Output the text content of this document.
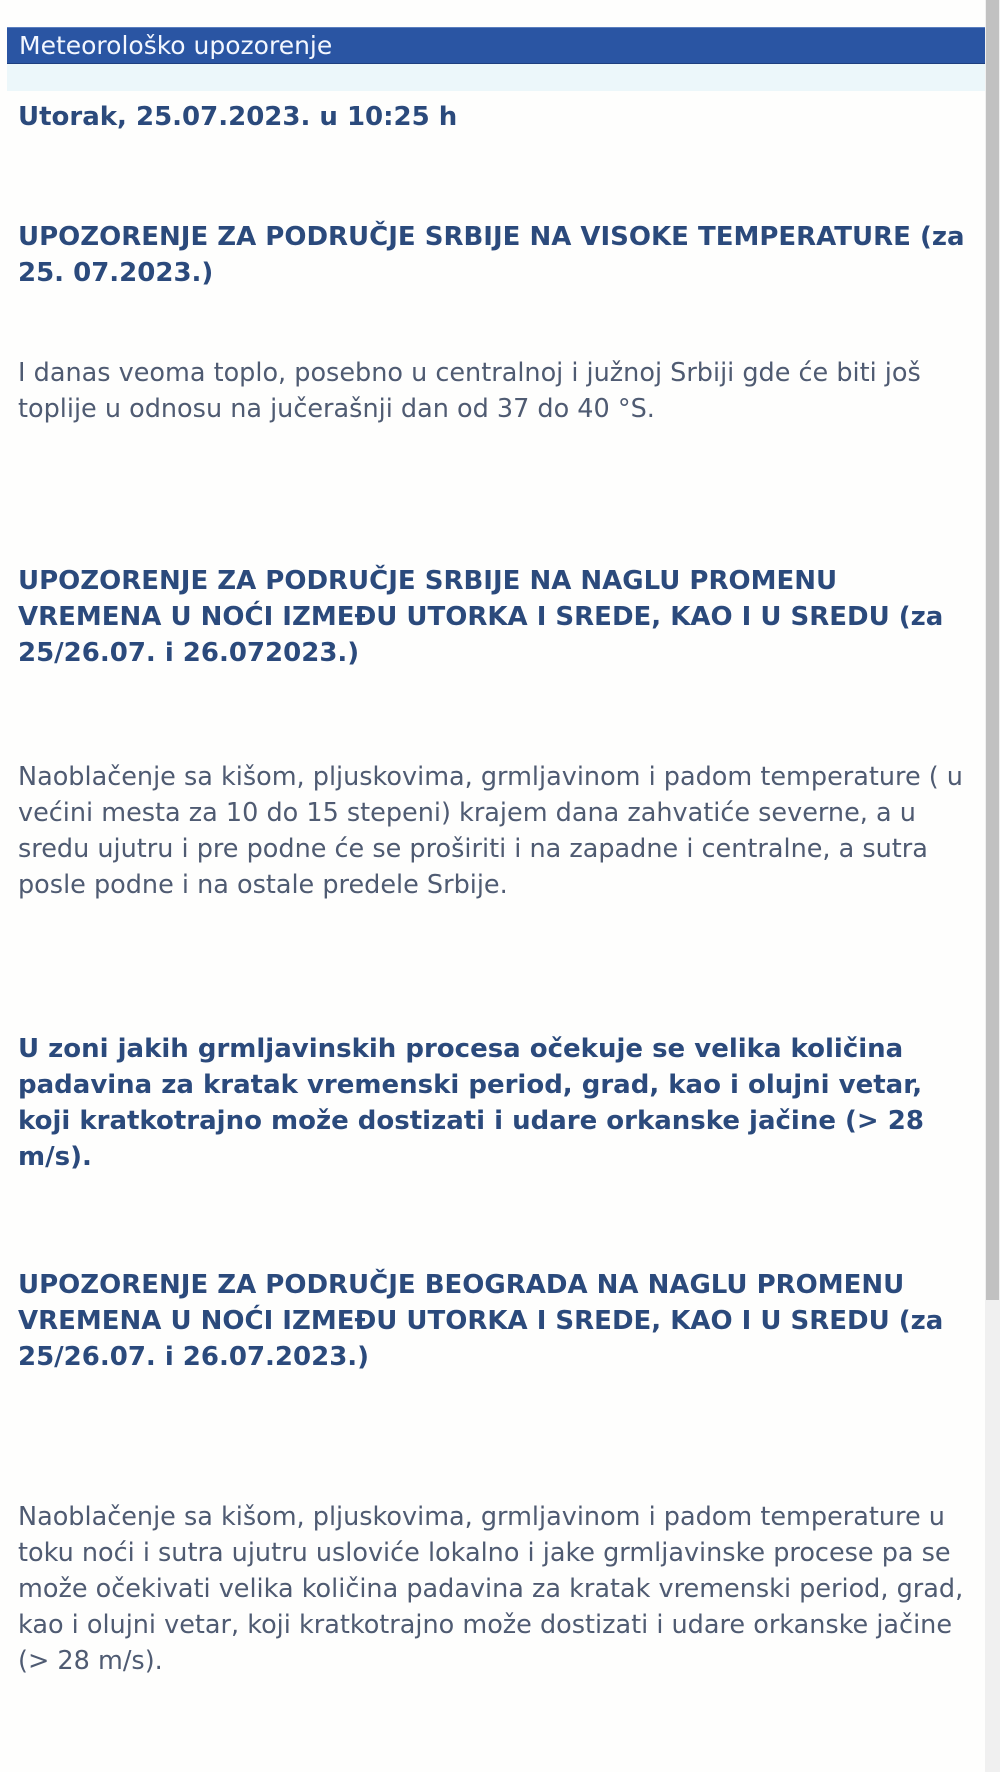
Meteorološko upozorenje

Utorak, 25.07.2023. u 10:25 h

UPOZORENJE ZA PODRUČJE SRBIJE NA VISOKE TEMPERATURE (za 25. 07.2023.)

I danas veoma toplo, posebno u centralnoj i južnoj Srbiji gde će biti još toplije u odnosu na jučerašnji dan od 37 do 40 °S.

UPOZORENJE ZA PODRUČJE SRBIJE NA NAGLU PROMENU VREMENA U NOĆI IZMEĐU UTORKA I SREDE, KAO I U SREDU (za 25/26.07. i 26.072023.)

Naoblačenje sa kišom, pljuskovima, grmljavinom i padom temperature ( u većini mesta za 10 do 15 stepeni) krajem dana zahvatiće severne, a u sredu ujutru i pre podne će se proširiti i na zapadne i centralne, a sutra posle podne i na ostale predele Srbije.

U zoni jakih grmljavinskih procesa očekuje se velika količina padavina za kratak vremenski period, grad, kao i olujni vetar, koji kratkotrajno može dostizati i udare orkanske jačine (> 28 m/s).

UPOZORENJE ZA PODRUČJE BEOGRADA NA NAGLU PROMENU VREMENA U NOĆI IZMEĐU UTORKA I SREDE, KAO I U SREDU (za 25/26.07. i 26.07.2023.)

Naoblačenje sa kišom, pljuskovima, grmljavinom i padom temperature u toku noći i sutra ujutru usloviće lokalno i jake grmljavinske procese pa se može očekivati velika količina padavina za kratak vremenski period, grad, kao i olujni vetar, koji kratkotrajno može dostizati i udare orkanske jačine (> 28 m/s).
